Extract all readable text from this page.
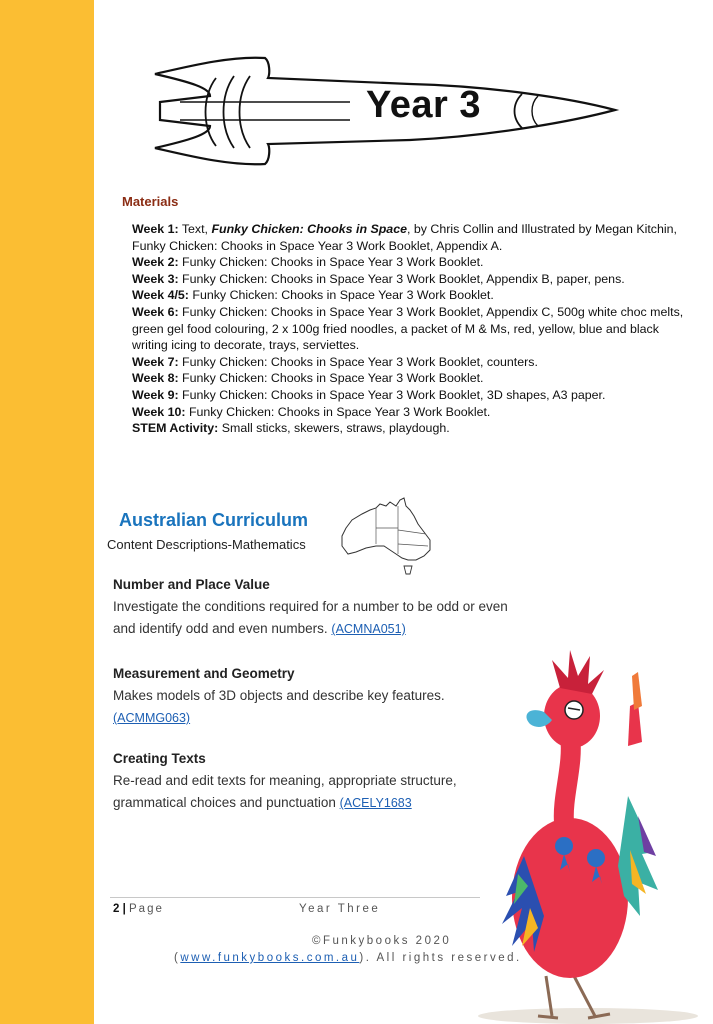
Year 3
Materials
Week 1: Text, Funky Chicken: Chooks in Space, by Chris Collin and Illustrated by Megan Kitchin, Funky Chicken: Chooks in Space Year 3 Work Booklet, Appendix A.
Week 2: Funky Chicken: Chooks in Space Year 3 Work Booklet.
Week 3: Funky Chicken: Chooks in Space Year 3 Work Booklet, Appendix B, paper, pens.
Week 4/5: Funky Chicken: Chooks in Space Year 3 Work Booklet.
Week 6: Funky Chicken: Chooks in Space Year 3 Work Booklet, Appendix C, 500g white choc melts, green gel food colouring, 2 x 100g fried noodles, a packet of M & Ms, red, yellow, blue and black writing icing to decorate, trays, serviettes.
Week 7: Funky Chicken: Chooks in Space Year 3 Work Booklet, counters.
Week 8: Funky Chicken: Chooks in Space Year 3 Work Booklet.
Week 9: Funky Chicken: Chooks in Space Year 3 Work Booklet, 3D shapes, A3 paper.
Week 10: Funky Chicken: Chooks in Space Year 3 Work Booklet.
STEM Activity: Small sticks, skewers, straws, playdough.
Australian Curriculum
Content Descriptions-Mathematics
Number and Place Value

Investigate the conditions required for a number to be odd or even and identify odd and even numbers. (ACMNA051)

Measurement and Geometry

Makes models of 3D objects and describe key features. (ACMMG063)

Creating Texts

Re-read and edit texts for meaning, appropriate structure, grammatical choices and punctuation (ACELY1683

2 | Page	Year Three
©Funkybooks 2020
(www.funkybooks.com.au). All rights reserved.
